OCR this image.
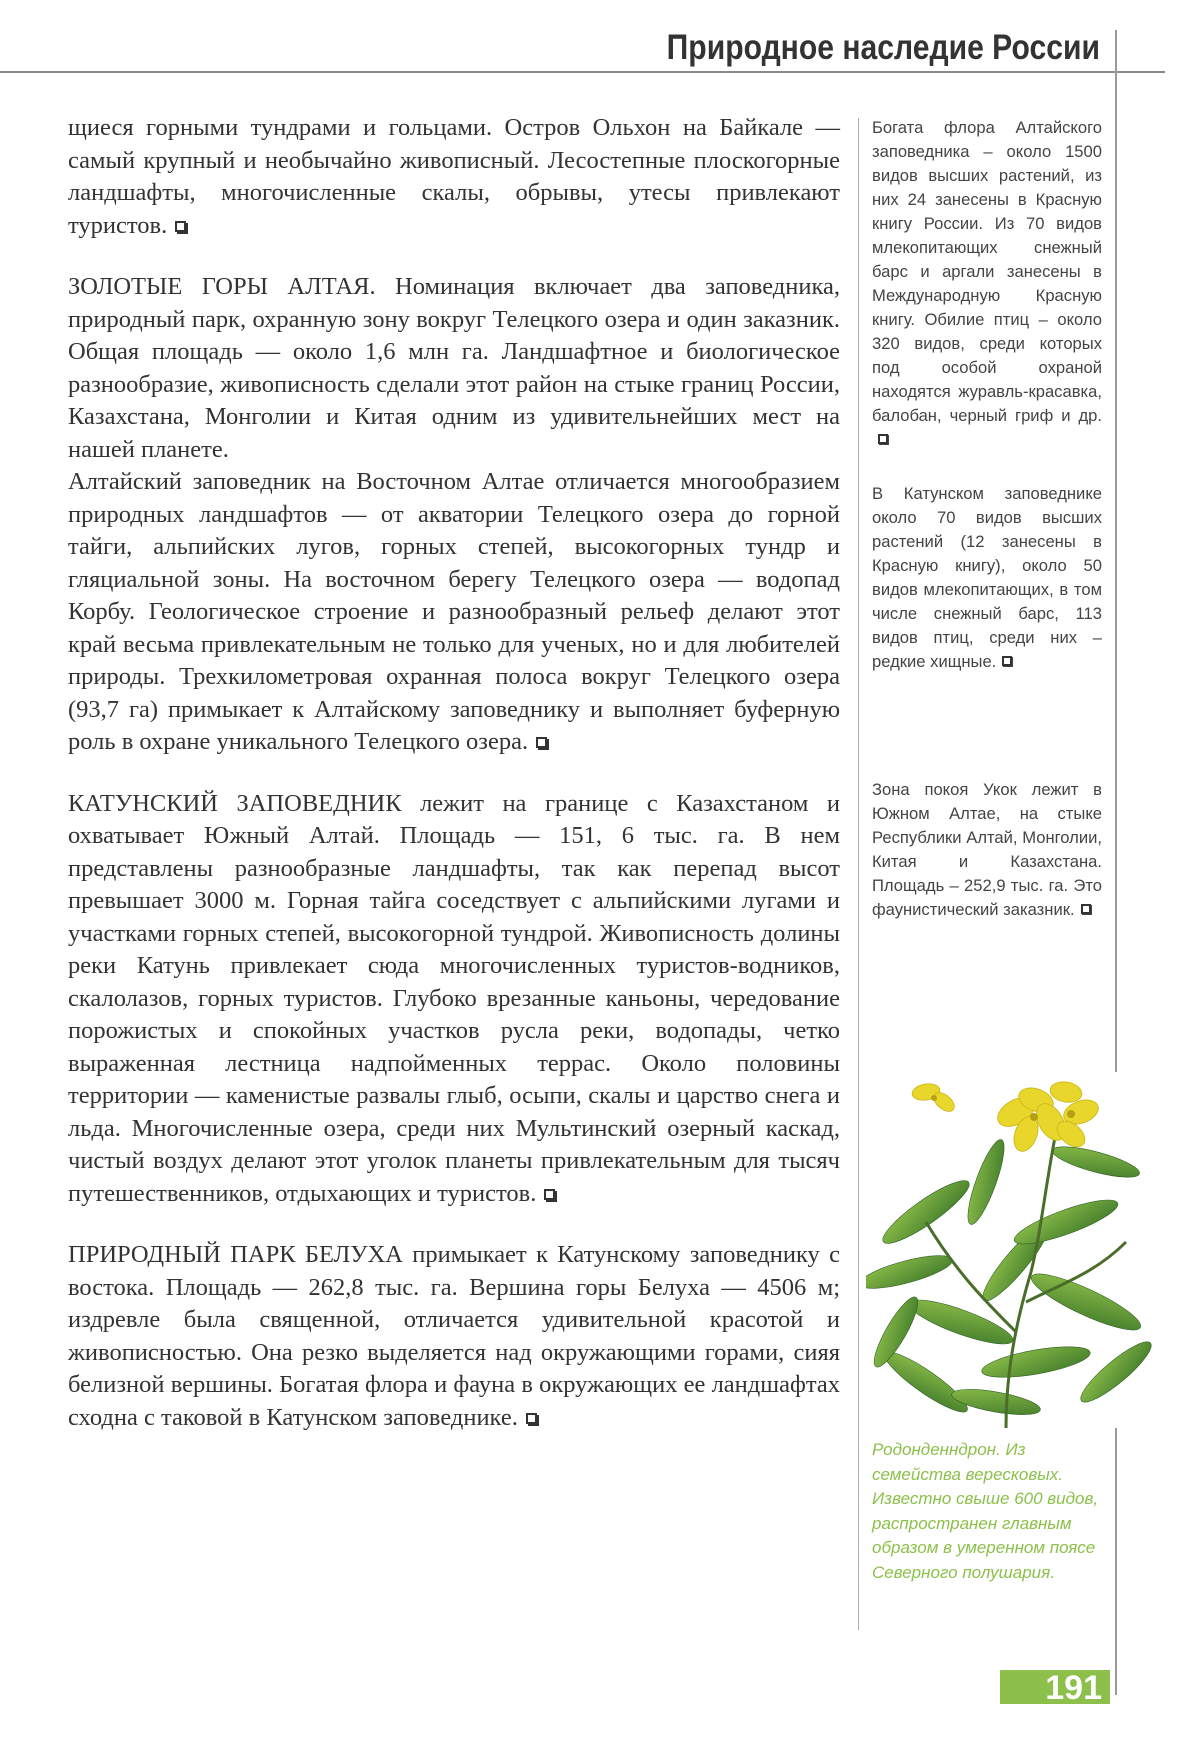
Природное наследие России

щиеся горными тундрами и гольцами. Остров Ольхон на Байкале — самый крупный и необычайно живописный. Лесостепные плоскогорные ландшафты, многочисленные скалы, обрывы, утесы привлекают туристов.

ЗОЛОТЫЕ ГОРЫ АЛТАЯ. Номинация включает два заповедника, природный парк, охранную зону вокруг Телецкого озера и один заказник. Общая площадь — около 1,6 млн га. Ландшафтное и биологическое разнообразие, живописность сделали этот район на стыке границ России, Казахстана, Монголии и Китая одним из удивительнейших мест на нашей планете.

Алтайский заповедник на Восточном Алтае отличается многообразием природных ландшафтов — от акватории Телецкого озера до горной тайги, альпийских лугов, горных степей, высокогорных тундр и гляциальной зоны. На восточном берегу Телецкого озера — водопад Корбу. Геологическое строение и разнообразный рельеф делают этот край весьма привлекательным не только для ученых, но и для любителей природы. Трехкилометровая охранная полоса вокруг Телецкого озера (93,7 га) примыкает к Алтайскому заповеднику и выполняет буферную роль в охране уникального Телецкого озера.

КАТУНСКИЙ ЗАПОВЕДНИК лежит на границе с Казахстаном и охватывает Южный Алтай. Площадь — 151, 6 тыс. га. В нем представлены разнообразные ландшафты, так как перепад высот превышает 3000 м. Горная тайга соседствует с альпийскими лугами и участками горных степей, высокогорной тундрой. Живописность долины реки Катунь привлекает сюда многочисленных туристов-водников, скалолазов, горных туристов. Глубоко врезанные каньоны, чередование порожистых и спокойных участков русла реки, водопады, четко выраженная лестница надпойменных террас. Около половины территории — каменистые развалы глыб, осыпи, скалы и царство снега и льда. Многочисленные озера, среди них Мультинский озерный каскад, чистый воздух делают этот уголок планеты привлекательным для тысяч путешественников, отдыхающих и туристов.

ПРИРОДНЫЙ ПАРК БЕЛУХА примыкает к Катунскому заповеднику с востока. Площадь — 262,8 тыс. га. Вершина горы Белуха — 4506 м; издревле была священной, отличается удивительной красотой и живописностью. Она резко выделяется над окружающими горами, сияя белизной вершины. Богатая флора и фауна в окружающих ее ландшафтах сходна с таковой в Катунском заповеднике.

Богата флора Алтайского заповедника – около 1500 видов высших растений, из них 24 занесены в Красную книгу России. Из 70 видов млекопитающих снежный барс и аргали занесены в Международную Красную книгу. Обилие птиц – около 320 видов, среди которых под особой охраной находятся журавль-красавка, балобан, черный гриф и др.
В Катунском заповеднике около 70 видов высших растений (12 занесены в Красную книгу), около 50 видов млекопитающих, в том числе снежный барс, 113 видов птиц, среди них – редкие хищные.
Зона покоя Укок лежит в Южном Алтае, на стыке Республики Алтай, Монголии, Китая и Казахстана. Площадь – 252,9 тыс. га. Это фаунистический заказник.
Родонденндрон. Из семейства вересковых. Известно свыше 600 видов, распространен главным образом в умеренном поясе Северного полушария.
191
